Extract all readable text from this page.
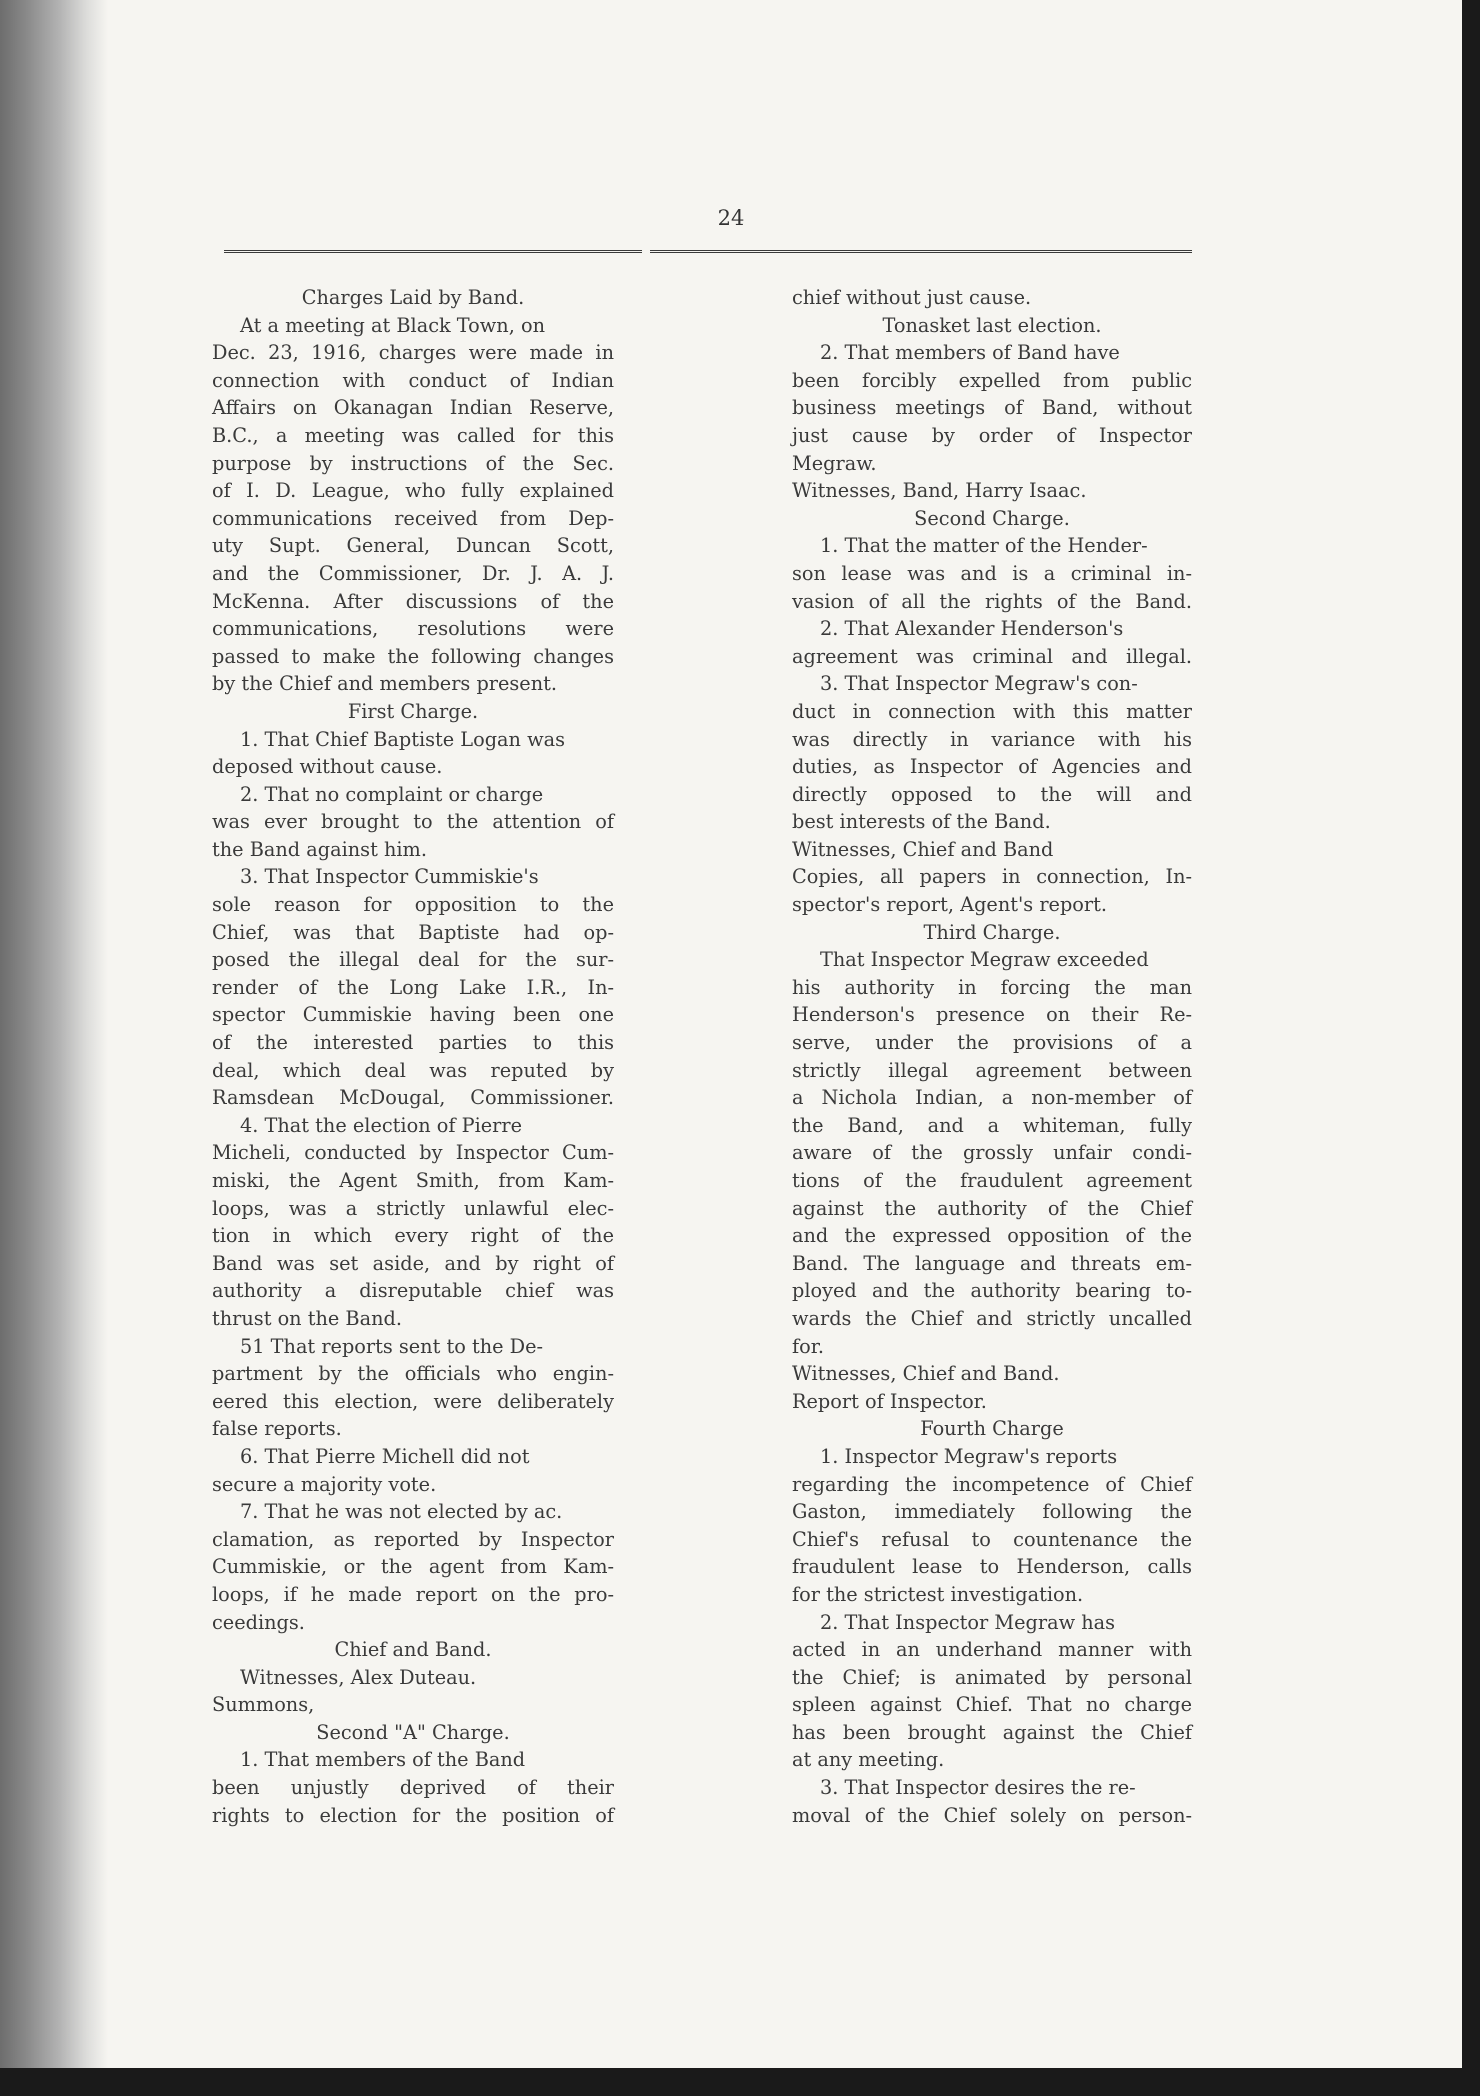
24
Charges Laid by Band.
At a meeting at Black Town, on
Dec. 23, 1916, charges were made in
connection with conduct of Indian
Affairs on Okanagan Indian Reserve,
B.C., a meeting was called for this
purpose by instructions of the Sec.
of I. D. League, who fully explained
communications received from Dep-
uty Supt. General, Duncan Scott,
and the Commissioner, Dr. J. A. J.
McKenna. After discussions of the
communications, resolutions were
passed to make the following changes
by the Chief and members present.
First Charge.
1. That Chief Baptiste Logan was
deposed without cause.
2. That no complaint or charge
was ever brought to the attention of
the Band against him.
3. That Inspector Cummiskie's
sole reason for opposition to the
Chief, was that Baptiste had op-
posed the illegal deal for the sur-
render of the Long Lake I.R., In-
spector Cummiskie having been one
of the interested parties to this
deal, which deal was reputed by
Ramsdean McDougal, Commissioner.
4. That the election of Pierre
Micheli, conducted by Inspector Cum-
miski, the Agent Smith, from Kam-
loops, was a strictly unlawful elec-
tion in which every right of the
Band was set aside, and by right of
authority a disreputable chief was
thrust on the Band.
51 That reports sent to the De-
partment by the officials who engin-
eered this election, were deliberately
false reports.
6. That Pierre Michell did not
secure a majority vote.
7. That he was not elected by ac.
clamation, as reported by Inspector
Cummiskie, or the agent from Kam-
loops, if he made report on the pro-
ceedings.
Chief and Band.
Witnesses, Alex Duteau.
Summons,
Second "A" Charge.
1. That members of the Band
been unjustly deprived of their
rights to election for the position of
chief without just cause.
Tonasket last election.
2. That members of Band have
been forcibly expelled from public
business meetings of Band, without
just cause by order of Inspector
Megraw.
Witnesses, Band, Harry Isaac.
Second Charge.
1. That the matter of the Hender-
son lease was and is a criminal in-
vasion of all the rights of the Band.
2. That Alexander Henderson's
agreement was criminal and illegal.
3. That Inspector Megraw's con-
duct in connection with this matter
was directly in variance with his
duties, as Inspector of Agencies and
directly opposed to the will and
best interests of the Band.
Witnesses, Chief and Band
Copies, all papers in connection, In-
spector's report, Agent's report.
Third Charge.
That Inspector Megraw exceeded
his authority in forcing the man
Henderson's presence on their Re-
serve, under the provisions of a
strictly illegal agreement between
a Nichola Indian, a non-member of
the Band, and a whiteman, fully
aware of the grossly unfair condi-
tions of the fraudulent agreement
against the authority of the Chief
and the expressed opposition of the
Band. The language and threats em-
ployed and the authority bearing to-
wards the Chief and strictly uncalled
for.
Witnesses, Chief and Band.
Report of Inspector.
Fourth Charge
1. Inspector Megraw's reports
regarding the incompetence of Chief
Gaston, immediately following the
Chief's refusal to countenance the
fraudulent lease to Henderson, calls
for the strictest investigation.
2. That Inspector Megraw has
acted in an underhand manner with
the Chief; is animated by personal
spleen against Chief. That no charge
has been brought against the Chief
at any meeting.
3. That Inspector desires the re-
moval of the Chief solely on person-
